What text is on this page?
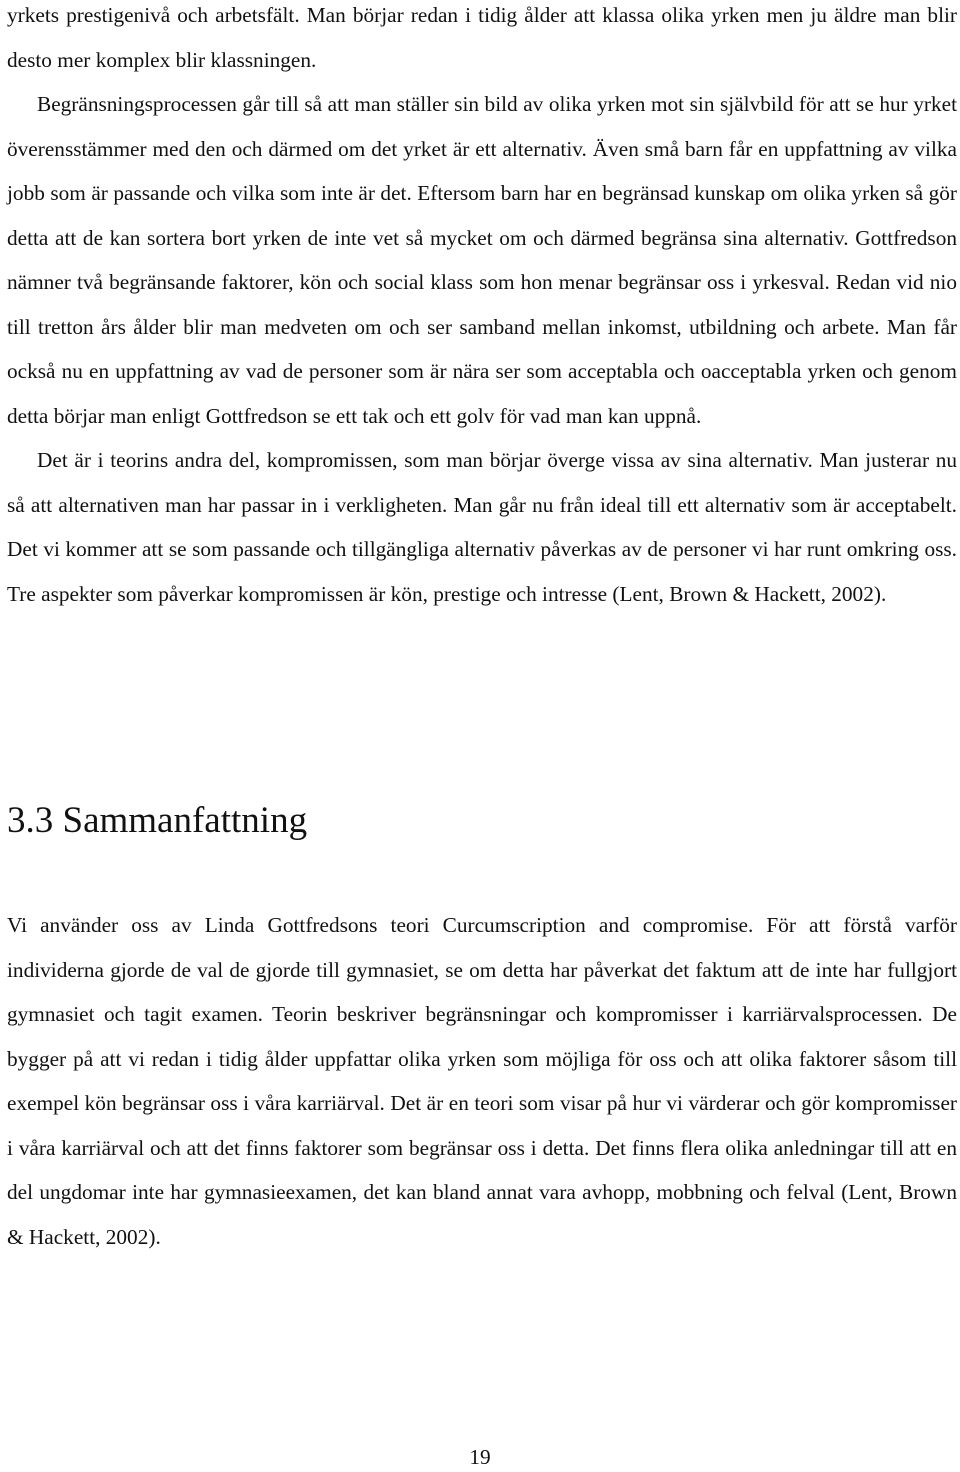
yrkets prestigenivå och arbetsfält. Man börjar redan i tidig ålder att klassa olika yrken men ju äldre man blir desto mer komplex blir klassningen.

Begränsningsprocessen går till så att man ställer sin bild av olika yrken mot sin självbild för att se hur yrket överensstämmer med den och därmed om det yrket är ett alternativ. Även små barn får en uppfattning av vilka jobb som är passande och vilka som inte är det. Eftersom barn har en begränsad kunskap om olika yrken så gör detta att de kan sortera bort yrken de inte vet så mycket om och därmed begränsa sina alternativ. Gottfredson nämner två begränsande faktorer, kön och social klass som hon menar begränsar oss i yrkesval. Redan vid nio till tretton års ålder blir man medveten om och ser samband mellan inkomst, utbildning och arbete. Man får också nu en uppfattning av vad de personer som är nära ser som acceptabla och oacceptabla yrken och genom detta börjar man enligt Gottfredson se ett tak och ett golv för vad man kan uppnå.

Det är i teorins andra del, kompromissen, som man börjar överge vissa av sina alternativ. Man justerar nu så att alternativen man har passar in i verkligheten. Man går nu från ideal till ett alternativ som är acceptabelt. Det vi kommer att se som passande och tillgängliga alternativ påverkas av de personer vi har runt omkring oss. Tre aspekter som påverkar kompromissen är kön, prestige och intresse (Lent, Brown & Hackett, 2002).

3.3 Sammanfattning

Vi använder oss av Linda Gottfredsons teori Curcumscription and compromise. För att förstå varför individerna gjorde de val de gjorde till gymnasiet, se om detta har påverkat det faktum att de inte har fullgjort gymnasiet och tagit examen. Teorin beskriver begränsningar och kompromisser i karriärvalsprocessen. De bygger på att vi redan i tidig ålder uppfattar olika yrken som möjliga för oss och att olika faktorer såsom till exempel kön begränsar oss i våra karriärval. Det är en teori som visar på hur vi värderar och gör kompromisser i våra karriärval och att det finns faktorer som begränsar oss i detta. Det finns flera olika anledningar till att en del ungdomar inte har gymnasieexamen, det kan bland annat vara avhopp, mobbning och felval (Lent, Brown & Hackett, 2002).

19
